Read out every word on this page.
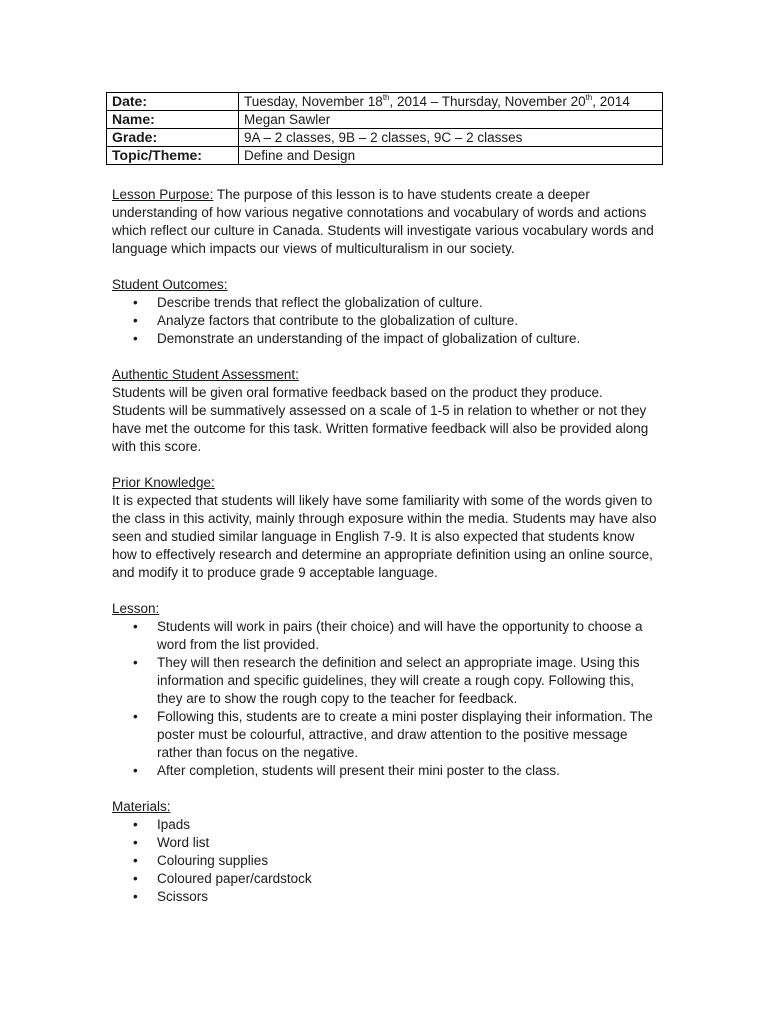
Date:	Tuesday, November 18th, 2014 – Thursday, November 20th, 2014
Name:	Megan Sawler
Grade:	9A – 2 classes, 9B – 2 classes, 9C – 2 classes
Topic/Theme:	Define and Design

Lesson Purpose: The purpose of this lesson is to have students create a deeper understanding of how various negative connotations and vocabulary of words and actions which reflect our culture in Canada. Students will investigate various vocabulary words and language which impacts our views of multiculturalism in our society.

Student Outcomes:
• Describe trends that reflect the globalization of culture.
• Analyze factors that contribute to the globalization of culture.
• Demonstrate an understanding of the impact of globalization of culture.
Authentic Student Assessment:

Students will be given oral formative feedback based on the product they produce. Students will be summatively assessed on a scale of 1-5 in relation to whether or not they have met the outcome for this task. Written formative feedback will also be provided along with this score.

Prior Knowledge:

It is expected that students will likely have some familiarity with some of the words given to the class in this activity, mainly through exposure within the media. Students may have also seen and studied similar language in English 7-9. It is also expected that students know how to effectively research and determine an appropriate definition using an online source, and modify it to produce grade 9 acceptable language.

Lesson:
• Students will work in pairs (their choice) and will have the opportunity to choose a word from the list provided.
• They will then research the definition and select an appropriate image. Using this information and specific guidelines, they will create a rough copy. Following this, they are to show the rough copy to the teacher for feedback.
• Following this, students are to create a mini poster displaying their information. The poster must be colourful, attractive, and draw attention to the positive message rather than focus on the negative.
• After completion, students will present their mini poster to the class.
Materials:
• Ipads
• Word list
• Colouring supplies
• Coloured paper/cardstock
• Scissors
